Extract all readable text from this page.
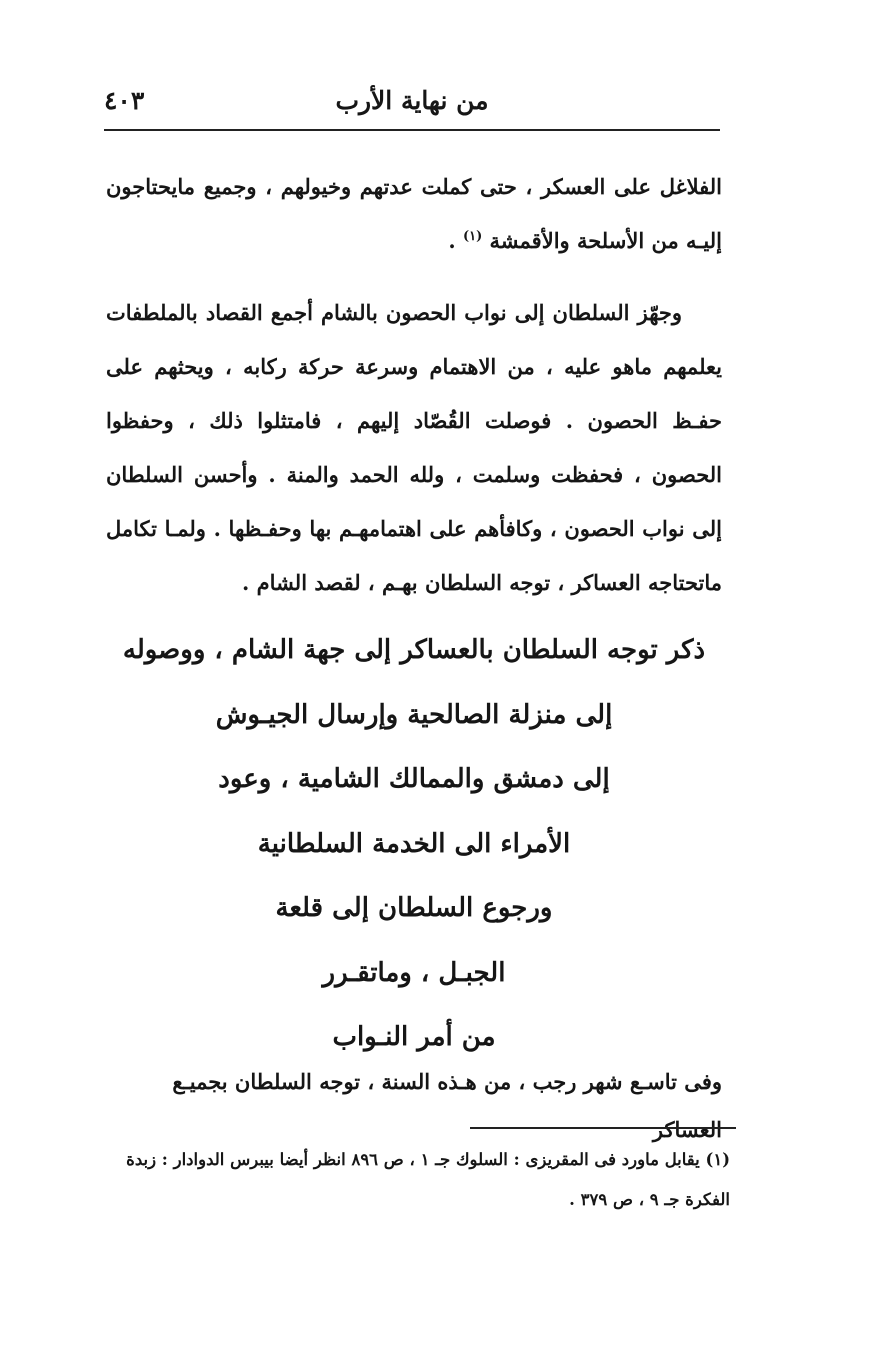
من نهاية الأرب
٤٠٣

الفلاغل على العسكر ، حتى كملت عدتهم وخيولهم ، وجميع مايحتاجون إليـه من الأسلحة والأقمشة $^{(١)}$ .

وجهّز السلطان إلى نواب الحصون بالشام أجمع القصاد بالملطفات يعلمهم ماهو عليه ، من الاهتمام وسرعة حركة ركابه ، ويحثهم على حفـظ الحصون . فوصلت القُصّاد إليهم ، فامتثلوا ذلك ، وحفظوا الحصون ، فحفظت وسلمت ، ولله الحمد والمنة . وأحسن السلطان إلى نواب الحصون ، وكافأهم على اهتمامهـم بها وحفـظها . ولمـا تكامل ماتحتاجه العساكر ، توجه السلطان بهـم ، لقصد الشام .

ذكر توجه السلطان بالعساكر إلى جهة الشام ، ووصوله
إلى منزلة الصالحية وإرسال الجيـوش
إلى دمشق والممالك الشامية ، وعود
الأمراء الى الخدمة السلطانية
ورجوع السلطان إلى قلعة
الجبـل ، وماتقـرر
من أمر النـواب
وفى تاسـع شهر رجب ، من هـذه السنة ، توجه السلطان بجميـع العساكر

(١) يقابل ماورد فى المقريزى : السلوك جـ ١ ، ص ٨٩٦ انظر أيضا بيبرس الدوادار : زبدة

الفكرة جـ ٩ ، ص ٣٧٩ .
